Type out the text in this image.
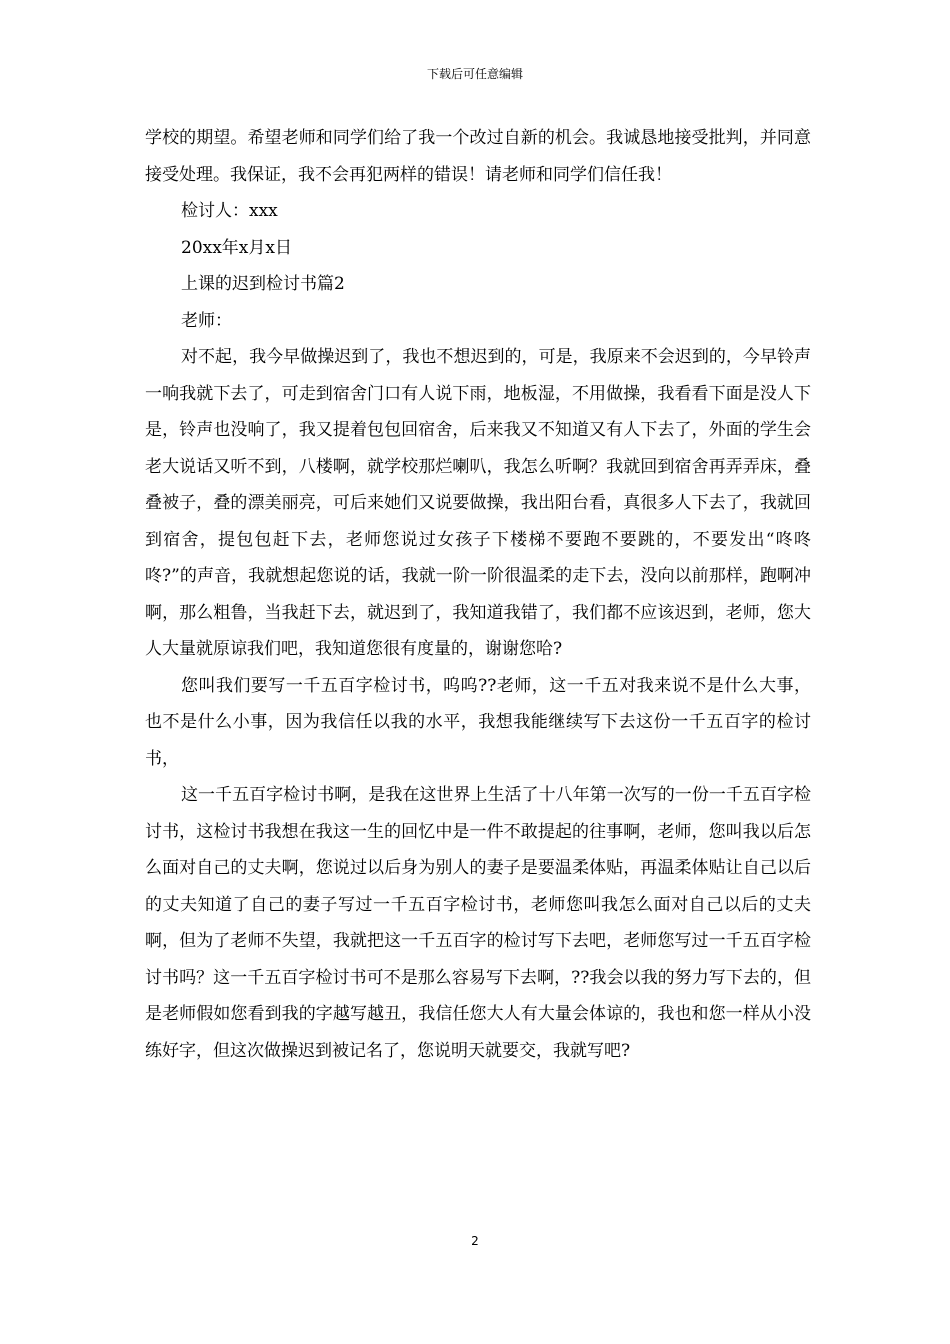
下载后可任意编辑

学校的期望。希望老师和同学们给了我一个改过自新的机会。我诚恳地接受批判，并同意接受处理。我保证，我不会再犯两样的错误！请老师和同学们信任我！

检讨人：xxx

20xx年x月x日

上课的迟到检讨书篇2

老师：

对不起，我今早做操迟到了，我也不想迟到的，可是，我原来不会迟到的，今早铃声一响我就下去了，可走到宿舍门口有人说下雨，地板湿，不用做操，我看看下面是没人下是，铃声也没响了，我又提着包包回宿舍，后来我又不知道又有人下去了，外面的学生会老大说话又听不到，八楼啊，就学校那烂喇叭，我怎么听啊？我就回到宿舍再弄弄床，叠叠被子，叠的漂美丽亮，可后来她们又说要做操，我出阳台看，真很多人下去了，我就回到宿舍，提包包赶下去，老师您说过女孩子下楼梯不要跑不要跳的，不要发出“咚咚咚?”的声音，我就想起您说的话，我就一阶一阶很温柔的走下去，没向以前那样，跑啊冲啊，那么粗鲁，当我赶下去，就迟到了，我知道我错了，我们都不应该迟到，老师，您大人大量就原谅我们吧，我知道您很有度量的，谢谢您哈?

您叫我们要写一千五百字检讨书，呜呜??老师，这一千五对我来说不是什么大事，也不是什么小事，因为我信任以我的水平，我想我能继续写下去这份一千五百字的检讨书，

这一千五百字检讨书啊，是我在这世界上生活了十八年第一次写的一份一千五百字检讨书，这检讨书我想在我这一生的回忆中是一件不敢提起的往事啊，老师，您叫我以后怎么面对自己的丈夫啊，您说过以后身为别人的妻子是要温柔体贴，再温柔体贴让自己以后的丈夫知道了自己的妻子写过一千五百字检讨书，老师您叫我怎么面对自己以后的丈夫啊，但为了老师不失望，我就把这一千五百字的检讨写下去吧，老师您写过一千五百字检讨书吗？这一千五百字检讨书可不是那么容易写下去啊，??我会以我的努力写下去的，但是老师假如您看到我的字越写越丑，我信任您大人有大量会体谅的，我也和您一样从小没练好字，但这次做操迟到被记名了，您说明天就要交，我就写吧?

2
